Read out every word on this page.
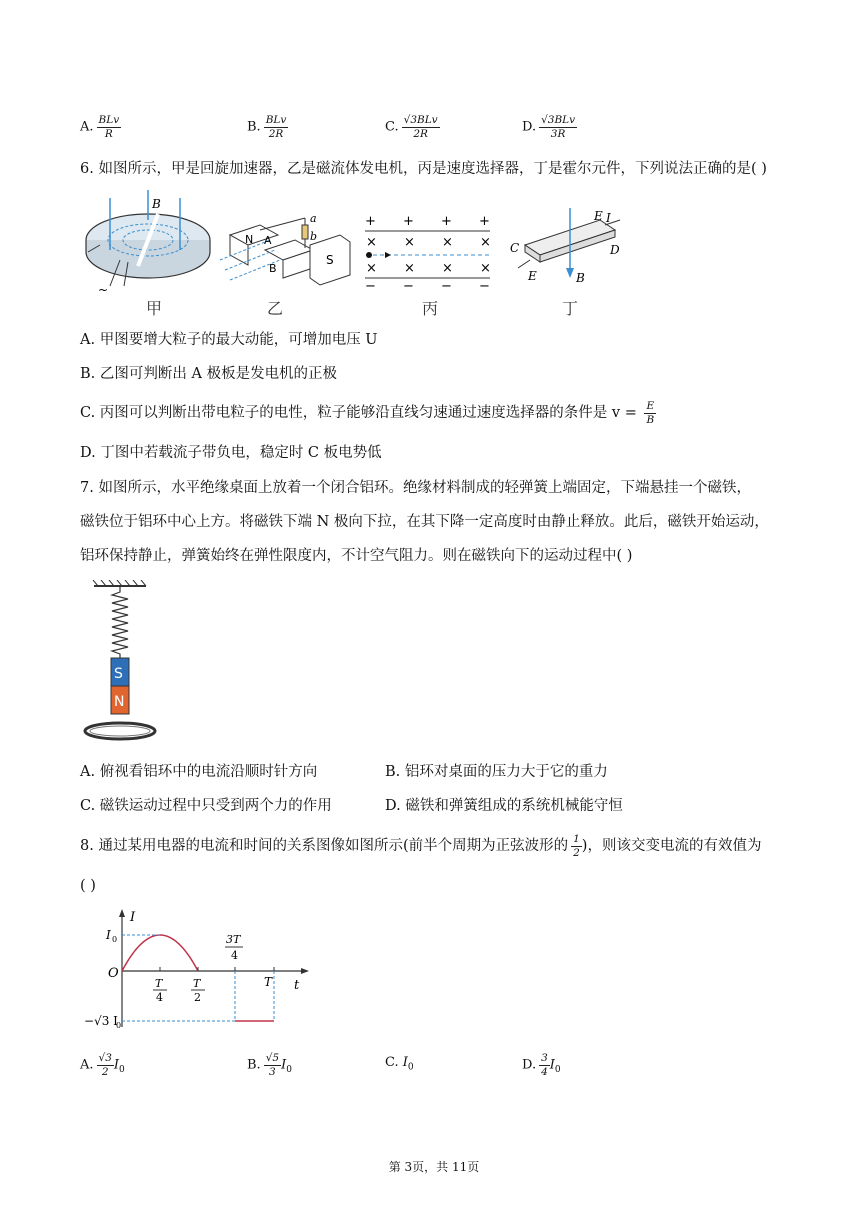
A. $\frac{\text{BLv}}{R}$	B. $\frac{\text{BLv}}{2R}$	C. $\frac{\text{√3BLv}}{2R}$	D. $\frac{\text{√3BLv}}{3R}$
6. 如图所示，甲是回旋加速器，乙是磁流体发电机，丙是速度选择器，丁是霍尔元件，下列说法正确的是( )
B
~
N A
B
S
a
b
+ + + +
× × × ×
× × × ×
− − − −
E I
C	D
E	B
甲	乙	丙	丁
A. 甲图要增大粒子的最大动能，可增加电压 U
B. 乙图可判断出 A 极板是发电机的正极
C. 丙图可以判断出带电粒子的电性，粒子能够沿直线匀速通过速度选择器的条件是 $v = \frac{E}{B}$
D. 丁图中若载流子带负电，稳定时 C 板电势低
7. 如图所示，水平绝缘桌面上放着一个闭合铝环。绝缘材料制成的轻弹簧上端固定，下端悬挂一个磁铁，
磁铁位于铝环中心上方。将磁铁下端 N 极向下拉，在其下降一定高度时由静止释放。此后，磁铁开始运动，
铝环保持静止，弹簧始终在弹性限度内，不计空气阻力。则在磁铁向下的运动过程中( )
S
N
A. 俯视看铝环中的电流沿顺时针方向	B. 铝环对桌面的压力大于它的重力
C. 磁铁运动过程中只受到两个力的作用	D. 磁铁和弹簧组成的系统机械能守恒
8. 通过某用电器的电流和时间的关系图像如图所示(前半个周期为正弦波形的 $\frac{1}{2}$ )，则该交变电流的有效值为
( )
I
t
O
I 0
−√3 I
0
T
T
4
T
2
3T
4
A. $\frac{√3}{2} I_0$	B. $\frac{√5}{3} I_0$
C. $I_0$	D. $\frac{3}{4} I_0$
第 3页，共 11页
